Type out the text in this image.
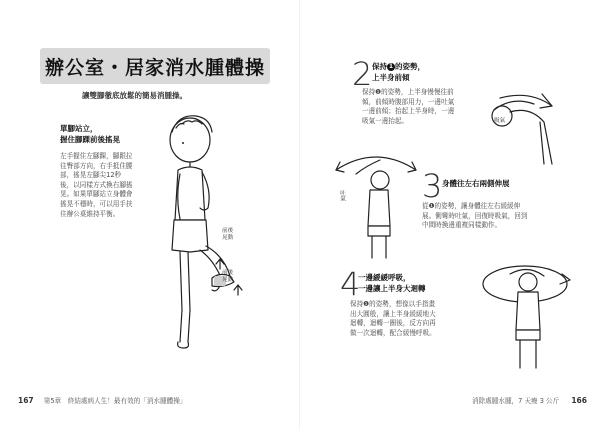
辦公室・居家消水腫體操
讓雙腳徹底放鬆的簡易消腫操。
單腳站立，
握住腳踝前後搖晃
左手握住左腳踝，腳跟拉
往臀部方向，右手抵住腰
部，搖晃左腳尖12秒
後，以同樣方式換右腳搖
晃。如果單腳站立身體會
搖晃不穩時，可以用手扶
住辦公桌維持平衡。
前後
晃動
前後
晃動
167 第5章　終結處病人生！最有效的「消水腫體操」
2 保持 1 的姿勢，
上半身前傾
保持❶的姿勢，上半身慢慢往前
傾，前傾時腹部用力，一邊吐氣
一邊前傾；抬起上半身時，一邊
吸氣一邊抬起。	吸氣
吐氣 3 身體往左右兩側伸展
從❶的姿勢，讓身體往左右緩緩伸
展。側彎時吐氣，回復時吸氣，回到
中間時換邊重複同樣動作。
4
一邊緩緩呼吸，
一邊讓上半身大迴轉
保持❶的姿勢，想像以手指畫
出大圓般，讓上半身緩緩地大
迴轉，迴轉一圈後，反方向再
做一次迴轉，配合緩慢呼吸。
消除處腫水腫，7 天瘦 3 公斤 166
